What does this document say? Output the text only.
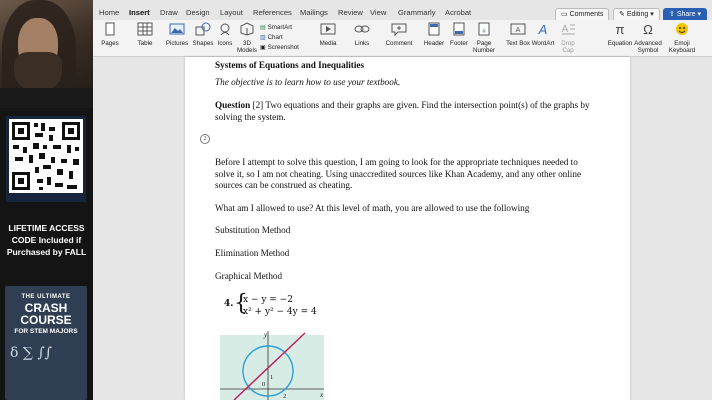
LIFETIME ACCESS
CODE Included if
Purchased by FALL
THE ULTIMATE
CRASH COURSE
FOR STEM MAJORS
δ ∑ ∫∫
Home Insert Draw Design Layout References Mailings Review View Grammarly Acrobat	▭ Comments	✎ Editing ▾	⇪ Share ▾
Pages	Table	Pictures Shapes Icons	3D
Models
▤ SmartArt
▥ Chart
▣ Screenshot
Media	Links	Comment Header Footer
#
Page
Number
A
Text Box
A
WordArt
A
Drop
Cap
π
Equation
Ω
Advanced
Symbol
Emoji
Keyboard
Systems of Equations and Inequalities
The objective is to learn how to use your textbook.
Question [2] Two equations and their graphs are given. Find the intersection point(s) of the graphs by solving the system.
2
Before I attempt to solve this question, I am going to look for the appropriate techniques needed to solve it, so I am not cheating. Using unaccredited sources like Khan Academy, and any other online sources can be construed as cheating.
What am I allowed to use? At this level of math, you are allowed to use the following
Substitution Method
Elimination Method
Graphical Method
4. {
x − y = −2
x² + y² − 4y = 4
y
x
1
0
2
